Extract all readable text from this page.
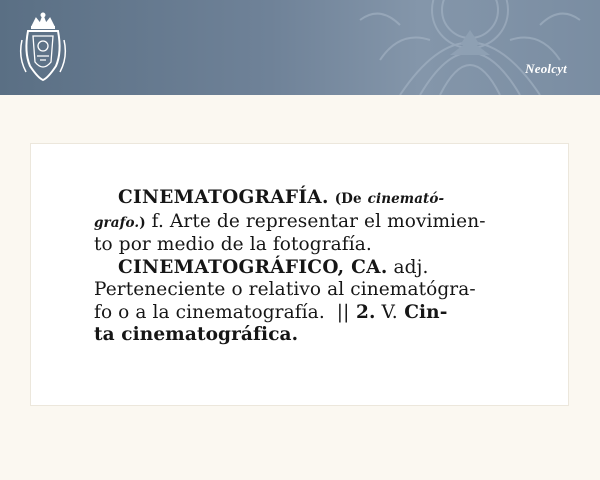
Neolcyt
CINEMATOGRAFÍA. (De cinematό-
grafo.) f. Arte de representar el movimien-
to por medio de la fotografía.
CINEMATOGRÁFICO, CA. adj.
Perteneciente o relativo al cinematógra-
fo o a la cinematografía.  || 2. V. Cin-
ta cinematográfica.
